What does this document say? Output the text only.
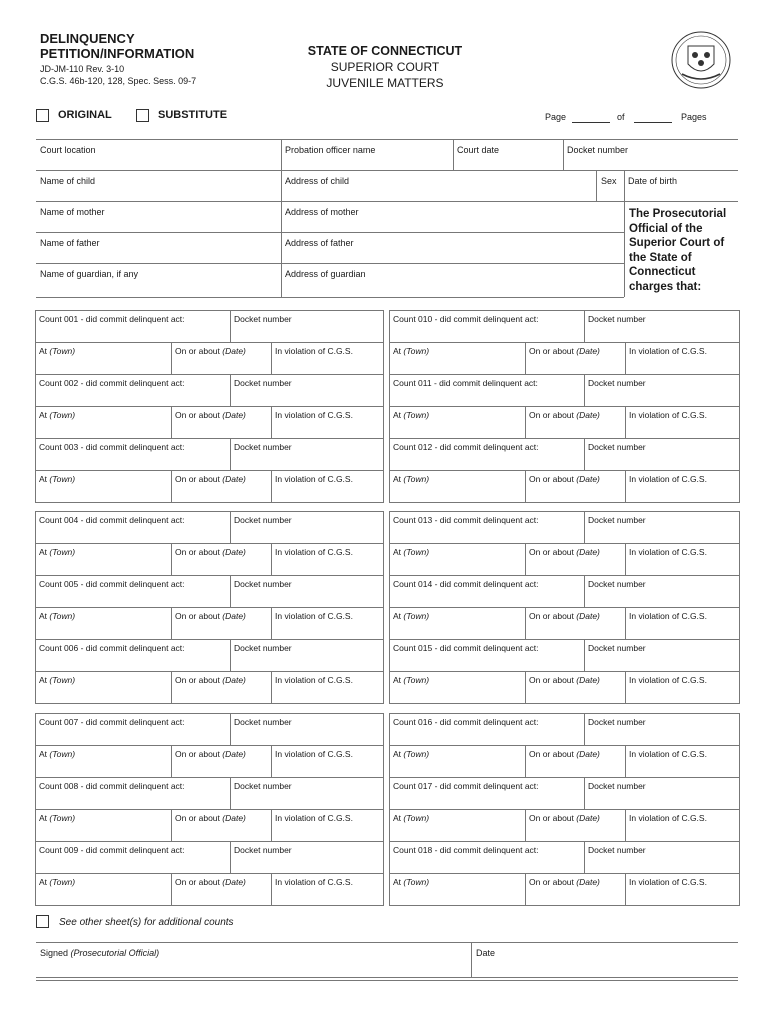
DELINQUENCY
PETITION/INFORMATION
JD-JM-110 Rev. 3-10
C.G.S. 46b-120, 128, Spec. Sess. 09-7
STATE OF CONNECTICUT
SUPERIOR COURT
JUVENILE MATTERS
ORIGINAL	SUBSTITUTE	Page	of	Pages
Court location	Probation officer name	Court date	Docket number
Name of child	Address of child	Sex Date of birth
Name of mother	Address of mother
Name of father	Address of father
Name of guardian, if any	Address of guardian
The Prosecutorial Official of the Superior Court of the State of Connecticut charges that:
Count 001 - did commit delinquent act:	Docket number
At (Town)	On or about (Date)	In violation of C.G.S.
Count 002 - did commit delinquent act:	Docket number
At (Town)	On or about (Date)	In violation of C.G.S.
Count 003 - did commit delinquent act:	Docket number
At (Town)	On or about (Date)	In violation of C.G.S.
Count 010 - did commit delinquent act:	Docket number
At (Town)	On or about (Date)	In violation of C.G.S.
Count 011 - did commit delinquent act:	Docket number
At (Town)	On or about (Date)	In violation of C.G.S.
Count 012 - did commit delinquent act:	Docket number
At (Town)	On or about (Date)	In violation of C.G.S.
Count 004 - did commit delinquent act:	Docket number
At (Town)	On or about (Date)	In violation of C.G.S.
Count 005 - did commit delinquent act:	Docket number
At (Town)	On or about (Date)	In violation of C.G.S.
Count 006 - did commit delinquent act:	Docket number
At (Town)	On or about (Date)	In violation of C.G.S.
Count 013 - did commit delinquent act:	Docket number
At (Town)	On or about (Date)	In violation of C.G.S.
Count 014 - did commit delinquent act:	Docket number
At (Town)	On or about (Date)	In violation of C.G.S.
Count 015 - did commit delinquent act:	Docket number
At (Town)	On or about (Date)	In violation of C.G.S.
Count 007 - did commit delinquent act:	Docket number
At (Town)	On or about (Date)	In violation of C.G.S.
Count 008 - did commit delinquent act:	Docket number
At (Town)	On or about (Date)	In violation of C.G.S.
Count 009 - did commit delinquent act:	Docket number
At (Town)	On or about (Date)	In violation of C.G.S.
Count 016 - did commit delinquent act:	Docket number
At (Town)	On or about (Date)	In violation of C.G.S.
Count 017 - did commit delinquent act:	Docket number
At (Town)	On or about (Date)	In violation of C.G.S.
Count 018 - did commit delinquent act:	Docket number
At (Town)	On or about (Date)	In violation of C.G.S.
See other sheet(s) for additional counts
Signed (Prosecutorial Official)	Date
